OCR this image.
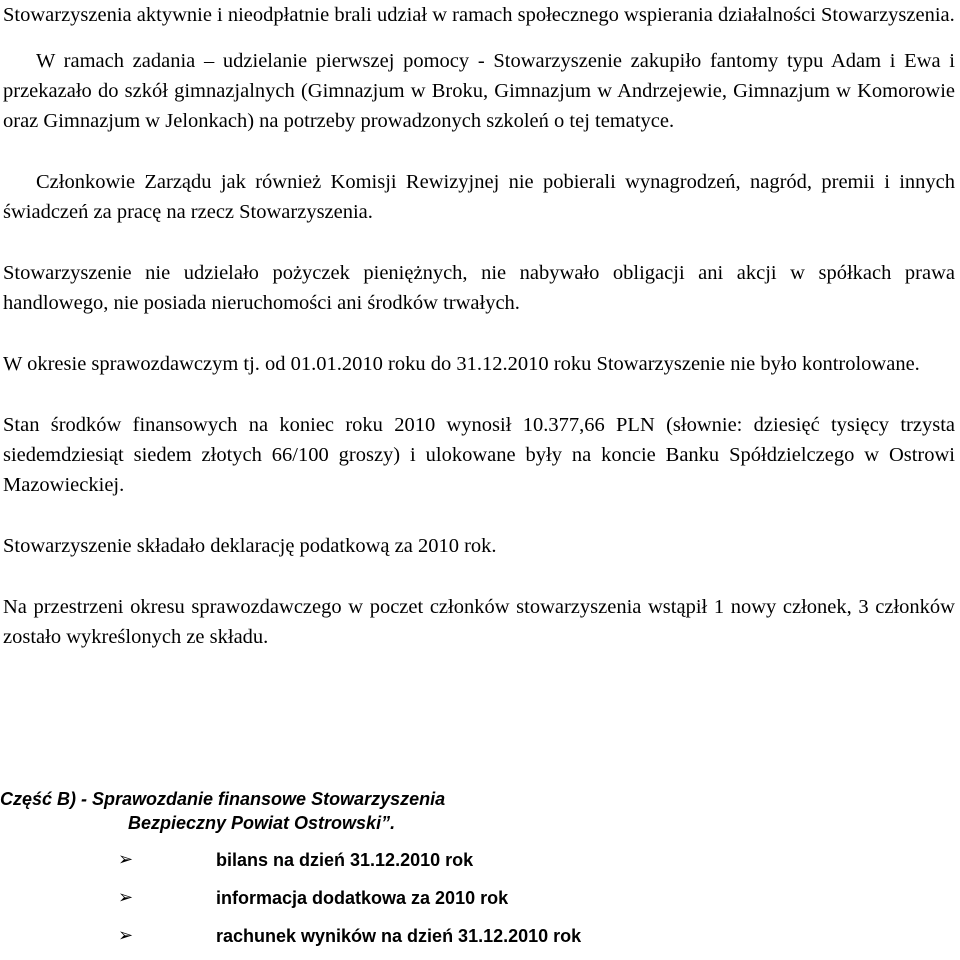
Stowarzyszenia aktywnie i nieodpłatnie brali udział w ramach społecznego wspierania działalności Stowarzyszenia.

W ramach zadania – udzielanie pierwszej pomocy - Stowarzyszenie zakupiło fantomy typu Adam i Ewa i przekazało do szkół gimnazjalnych (Gimnazjum w Broku, Gimnazjum w Andrzejewie, Gimnazjum w Komorowie oraz Gimnazjum w Jelonkach) na potrzeby prowadzonych szkoleń o tej tematyce.

Członkowie Zarządu jak również Komisji Rewizyjnej nie pobierali wynagrodzeń, nagród, premii i innych świadczeń za pracę na rzecz Stowarzyszenia.

Stowarzyszenie nie udzielało pożyczek pieniężnych, nie nabywało obligacji ani akcji w spółkach prawa handlowego, nie posiada nieruchomości ani środków trwałych.

W okresie sprawozdawczym tj. od 01.01.2010 roku do 31.12.2010 roku Stowarzyszenie nie było kontrolowane.

Stan środków finansowych na koniec roku 2010 wynosił 10.377,66 PLN (słownie: dziesięć tysięcy trzysta siedemdziesiąt siedem złotych 66/100 groszy) i ulokowane były na koncie Banku Spółdzielczego w Ostrowi Mazowieckiej.

Stowarzyszenie składało deklarację podatkową za 2010 rok.

Na przestrzeni okresu sprawozdawczego w poczet członków stowarzyszenia wstąpił 1 nowy członek, 3 członków zostało wykreślonych ze składu.

Część B) - Sprawozdanie finansowe Stowarzyszenia
Bezpieczny Powiat Ostrowski”.

➢	bilans na dzień 31.12.2010 rok
➢	informacja dodatkowa za 2010 rok
➢	rachunek wyników na dzień 31.12.2010 rok
